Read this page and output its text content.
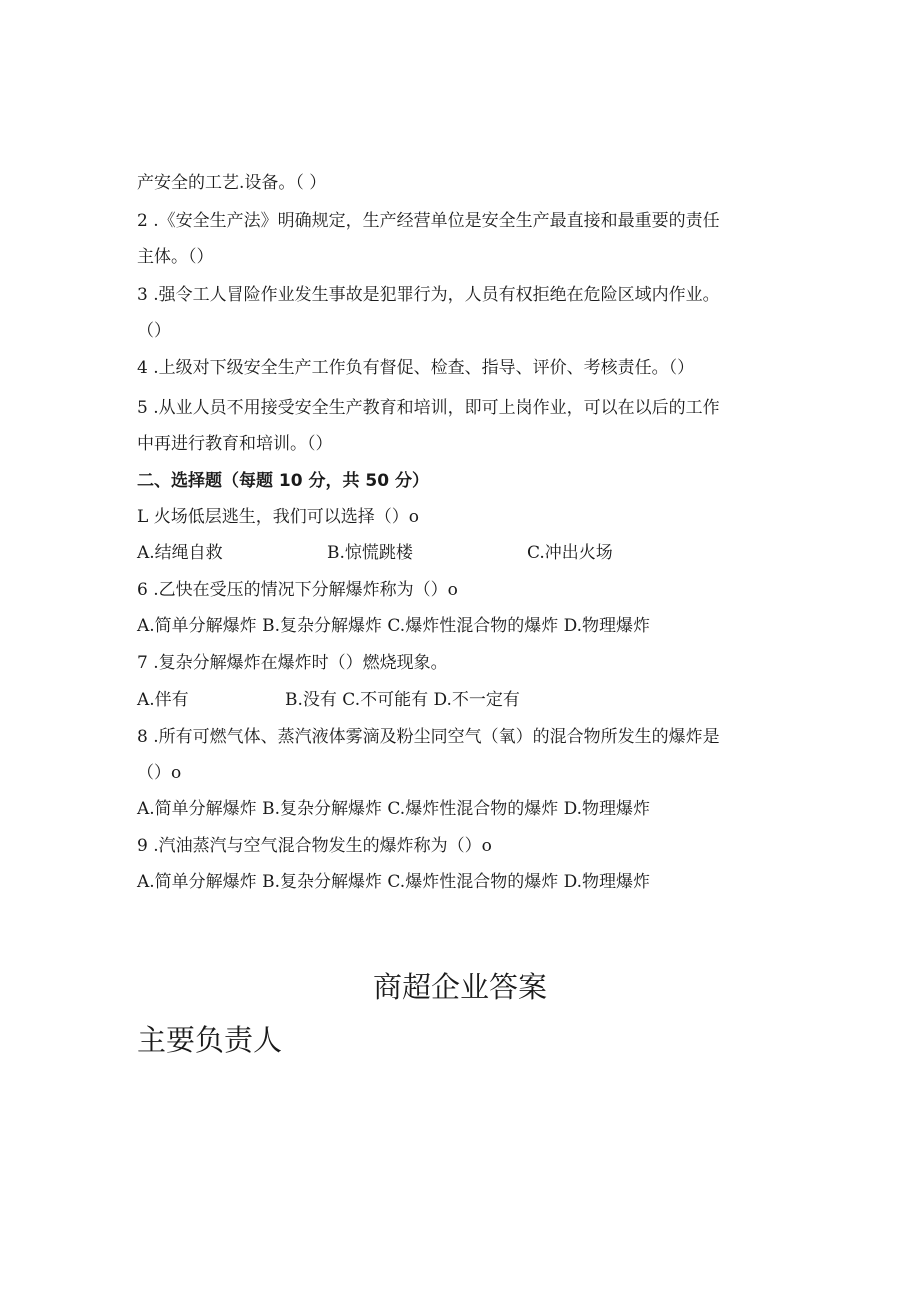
产安全的工艺.设备。（ ）
2 .《安全生产法》明确规定，生产经营单位是安全生产最直接和最重要的责任
主体。（）
3 .强令工人冒险作业发生事故是犯罪行为，人员有权拒绝在危险区域内作业。
（）
4 .上级对下级安全生产工作负有督促、检查、指导、评价、考核责任。（）
5 .从业人员不用接受安全生产教育和培训，即可上岗作业，可以在以后的工作
中再进行教育和培训。（）
二、选择题（每题 10 分，共 50 分）
L 火场低层逃生，我们可以选择（）o
A.结绳自救	B.惊慌跳楼	C.冲出火场
6 .乙快在受压的情况下分解爆炸称为（）o
A.简单分解爆炸 B.复杂分解爆炸 C.爆炸性混合物的爆炸 D.物理爆炸
7 .复杂分解爆炸在爆炸时（）燃烧现象。
A.伴有	B.没有 C.不可能有 D.不一定有
8 .所有可燃气体、蒸汽液体雾滴及粉尘同空气（氧）的混合物所发生的爆炸是
（）o
A.简单分解爆炸 B.复杂分解爆炸 C.爆炸性混合物的爆炸 D.物理爆炸
9 .汽油蒸汽与空气混合物发生的爆炸称为（）o
A.简单分解爆炸 B.复杂分解爆炸 C.爆炸性混合物的爆炸 D.物理爆炸
商超企业答案
主要负责人
